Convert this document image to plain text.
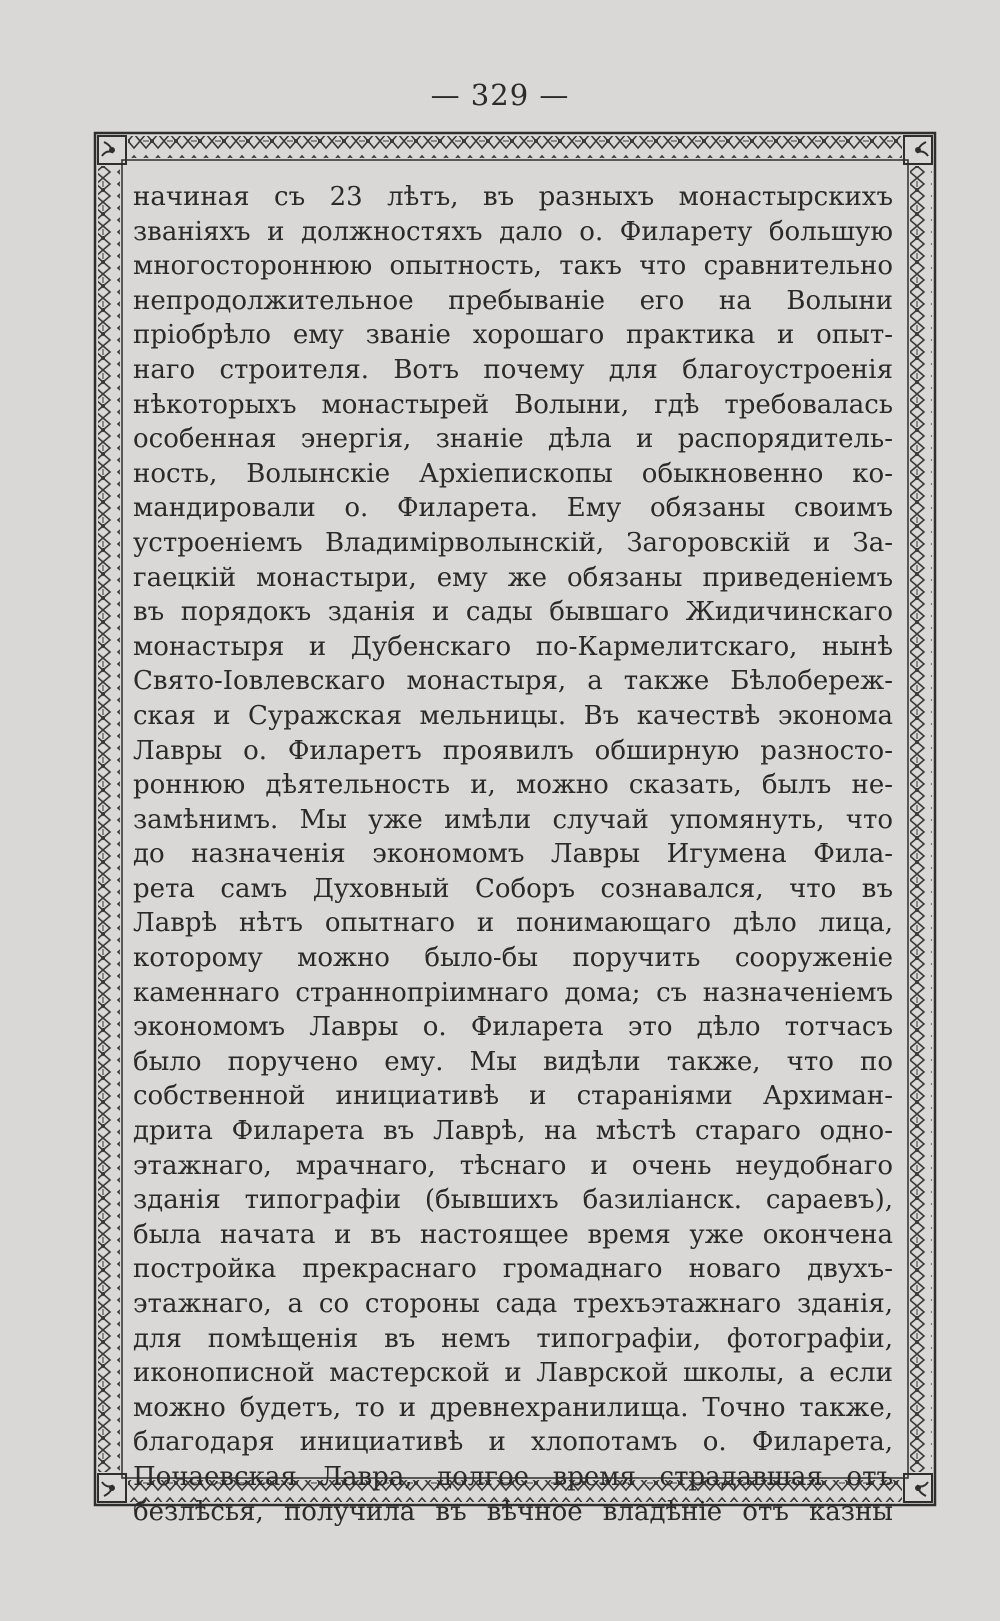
— 329 —
начиная съ 23 лѣтъ, въ разныхъ монастырскихъ
званіяхъ и должностяхъ дало о. Филарету большую
многостороннюю опытность, такъ что сравнительно
непродолжительное пребываніе его на Волыни
пріобрѣло ему званіе хорошаго практика и опыт-
наго строителя. Вотъ почему для благоустроенія
нѣкоторыхъ монастырей Волыни, гдѣ требовалась
особенная энергія, знаніе дѣла и распорядитель-
ность, Волынскіе Архіепископы обыкновенно ко-
мандировали о. Филарета. Ему обязаны своимъ
устроеніемъ Владимірволынскій, Загоровскій и За-
гаецкій монастыри, ему же обязаны приведеніемъ
въ порядокъ зданія и сады бывшаго Жидичинскаго
монастыря и Дубенскаго по-Кармелитскаго, нынѣ
Свято-Іовлевскаго монастыря, а также Бѣлобереж-
ская и Суражская мельницы. Въ качествѣ эконома
Лавры о. Филаретъ проявилъ обширную разносто-
роннюю дѣятельность и, можно сказать, былъ не-
замѣнимъ. Мы уже имѣли случай упомянуть, что
до назначенія экономомъ Лавры Игумена Фила-
рета самъ Духовный Соборъ сознавался, что въ
Лаврѣ нѣтъ опытнаго и понимающаго дѣло лица,
которому можно было-бы поручить сооруженіе
каменнаго страннопріимнаго дома; съ назначеніемъ
экономомъ Лавры о. Филарета это дѣло тотчасъ
было поручено ему. Мы видѣли также, что по
собственной инициативѣ и стараніями Архиман-
дрита Филарета въ Лаврѣ, на мѣстѣ стараго одно-
этажнаго, мрачнаго, тѣснаго и очень неудобнаго
зданія типографіи (бывшихъ базиліанск. сараевъ),
была начата и въ настоящее время уже окончена
постройка прекраснаго громаднаго новаго двухъ-
этажнаго, а со стороны сада трехъэтажнаго зданія,
для помѣщенія въ немъ типографіи, фотографіи,
иконописной мастерской и Лаврской школы, а если
можно будетъ, то и древнехранилища. Точно также,
благодаря инициативѣ и хлопотамъ о. Филарета,
Почаевская Лавра, долгое время страдавшая отъ
безлѣсья, получила въ вѣчное владѣніе отъ казны
